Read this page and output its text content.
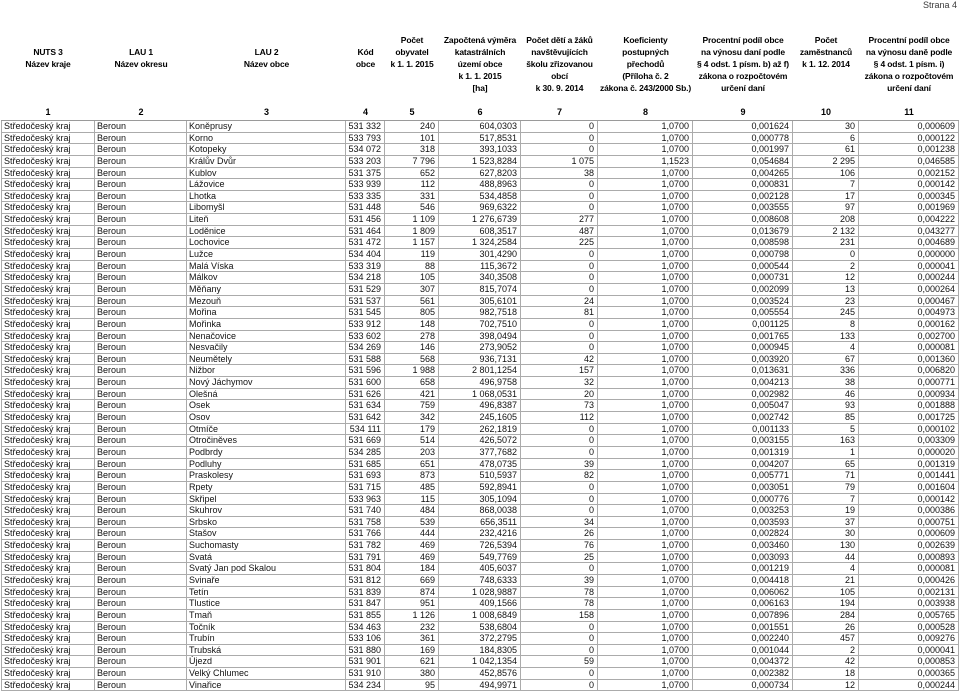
Strana 4
NUTS 3
Název kraje
LAU 1
Název okresu
LAU 2
Název obce
Kód
obce
Počet
obyvatel
k 1. 1. 2015
Započtená výměra
katastrálních
území obce
k 1. 1. 2015
[ha]
Počet dětí a žáků
navštěvujících
školu zřizovanou
obcí
k 30. 9. 2014
Koeficienty
postupných
přechodů
(Příloha č. 2
zákona č. 243/2000 Sb.)
Procentní podíl obce
na výnosu daní podle
§ 4 odst. 1 písm. b) až f)
zákona o rozpočtovém
určení daní
Počet
zaměstnanců
k 1. 12. 2014
Procentní podíl obce
na výnosu daně podle
§ 4 odst. 1 písm. i)
zákona o rozpočtovém
určení daní
1	2	3	4	5	6	7	8	9	10	11
Středočeský kraj	Beroun	Koněprusy	531 332	240	604,0303	0	1,0700	0,001624	30	0,000609
Středočeský kraj	Beroun	Korno	533 793	101	517,8531	0	1,0700	0,000778	6	0,000122
Středočeský kraj	Beroun	Kotopeky	534 072	318	393,1033	0	1,0700	0,001997	61	0,001238
Středočeský kraj	Beroun	Králův Dvůr	533 203	7 796	1 523,8284	1 075	1,1523	0,054684	2 295	0,046585
Středočeský kraj	Beroun	Kublov	531 375	652	627,8203	38	1,0700	0,004265	106	0,002152
Středočeský kraj	Beroun	Lážovice	533 939	112	488,8963	0	1,0700	0,000831	7	0,000142
Středočeský kraj	Beroun	Lhotka	533 335	331	534,4858	0	1,0700	0,002128	17	0,000345
Středočeský kraj	Beroun	Libomyšl	531 448	546	969,6322	0	1,0700	0,003555	97	0,001969
Středočeský kraj	Beroun	Liteň	531 456	1 109	1 276,6739	277	1,0700	0,008608	208	0,004222
Středočeský kraj	Beroun	Loděnice	531 464	1 809	608,3517	487	1,0700	0,013679	2 132	0,043277
Středočeský kraj	Beroun	Lochovice	531 472	1 157	1 324,2584	225	1,0700	0,008598	231	0,004689
Středočeský kraj	Beroun	Lužce	534 404	119	301,4290	0	1,0700	0,000798	0	0,000000
Středočeský kraj	Beroun	Malá Víska	533 319	88	115,3672	0	1,0700	0,000544	2	0,000041
Středočeský kraj	Beroun	Málkov	534 218	105	340,3508	0	1,0700	0,000731	12	0,000244
Středočeský kraj	Beroun	Měňany	531 529	307	815,7074	0	1,0700	0,002099	13	0,000264
Středočeský kraj	Beroun	Mezouň	531 537	561	305,6101	24	1,0700	0,003524	23	0,000467
Středočeský kraj	Beroun	Mořina	531 545	805	982,7518	81	1,0700	0,005554	245	0,004973
Středočeský kraj	Beroun	Mořinka	533 912	148	702,7510	0	1,0700	0,001125	8	0,000162
Středočeský kraj	Beroun	Nenačovice	533 602	278	398,0494	0	1,0700	0,001765	133	0,002700
Středočeský kraj	Beroun	Nesvačily	534 269	146	273,9052	0	1,0700	0,000945	4	0,000081
Středočeský kraj	Beroun	Neumětely	531 588	568	936,7131	42	1,0700	0,003920	67	0,001360
Středočeský kraj	Beroun	Nižbor	531 596	1 988	2 801,1254	157	1,0700	0,013631	336	0,006820
Středočeský kraj	Beroun	Nový Jáchymov	531 600	658	496,9758	32	1,0700	0,004213	38	0,000771
Středočeský kraj	Beroun	Olešná	531 626	421	1 068,0531	20	1,0700	0,002982	46	0,000934
Středočeský kraj	Beroun	Osek	531 634	759	496,8387	73	1,0700	0,005047	93	0,001888
Středočeský kraj	Beroun	Osov	531 642	342	245,1605	112	1,0700	0,002742	85	0,001725
Středočeský kraj	Beroun	Otmíče	534 111	179	262,1819	0	1,0700	0,001133	5	0,000102
Středočeský kraj	Beroun	Otročiněves	531 669	514	426,5072	0	1,0700	0,003155	163	0,003309
Středočeský kraj	Beroun	Podbrdy	534 285	203	377,7682	0	1,0700	0,001319	1	0,000020
Středočeský kraj	Beroun	Podluhy	531 685	651	478,0735	39	1,0700	0,004207	65	0,001319
Středočeský kraj	Beroun	Praskolesy	531 693	873	510,5937	82	1,0700	0,005771	71	0,001441
Středočeský kraj	Beroun	Rpety	531 715	485	592,8941	0	1,0700	0,003051	79	0,001604
Středočeský kraj	Beroun	Skřipel	533 963	115	305,1094	0	1,0700	0,000776	7	0,000142
Středočeský kraj	Beroun	Skuhrov	531 740	484	868,0038	0	1,0700	0,003253	19	0,000386
Středočeský kraj	Beroun	Srbsko	531 758	539	656,3511	34	1,0700	0,003593	37	0,000751
Středočeský kraj	Beroun	Stašov	531 766	444	232,4216	26	1,0700	0,002824	30	0,000609
Středočeský kraj	Beroun	Suchomasty	531 782	469	726,5394	76	1,0700	0,003460	130	0,002639
Středočeský kraj	Beroun	Svatá	531 791	469	549,7769	25	1,0700	0,003093	44	0,000893
Středočeský kraj	Beroun	Svatý Jan pod Skalou	531 804	184	405,6037	0	1,0700	0,001219	4	0,000081
Středočeský kraj	Beroun	Svinaře	531 812	669	748,6333	39	1,0700	0,004418	21	0,000426
Středočeský kraj	Beroun	Tetín	531 839	874	1 028,9887	78	1,0700	0,006062	105	0,002131
Středočeský kraj	Beroun	Tlustice	531 847	951	409,1566	78	1,0700	0,006163	194	0,003938
Středočeský kraj	Beroun	Tmaň	531 855	1 126	1 008,6849	158	1,0700	0,007896	284	0,005765
Středočeský kraj	Beroun	Točník	534 463	232	538,6804	0	1,0700	0,001551	26	0,000528
Středočeský kraj	Beroun	Trubín	533 106	361	372,2795	0	1,0700	0,002240	457	0,009276
Středočeský kraj	Beroun	Trubská	531 880	169	184,8305	0	1,0700	0,001044	2	0,000041
Středočeský kraj	Beroun	Újezd	531 901	621	1 042,1354	59	1,0700	0,004372	42	0,000853
Středočeský kraj	Beroun	Velký Chlumec	531 910	380	452,8576	0	1,0700	0,002382	18	0,000365
Středočeský kraj	Beroun	Vinařice	534 234	95	494,9971	0	1,0700	0,000734	12	0,000244
